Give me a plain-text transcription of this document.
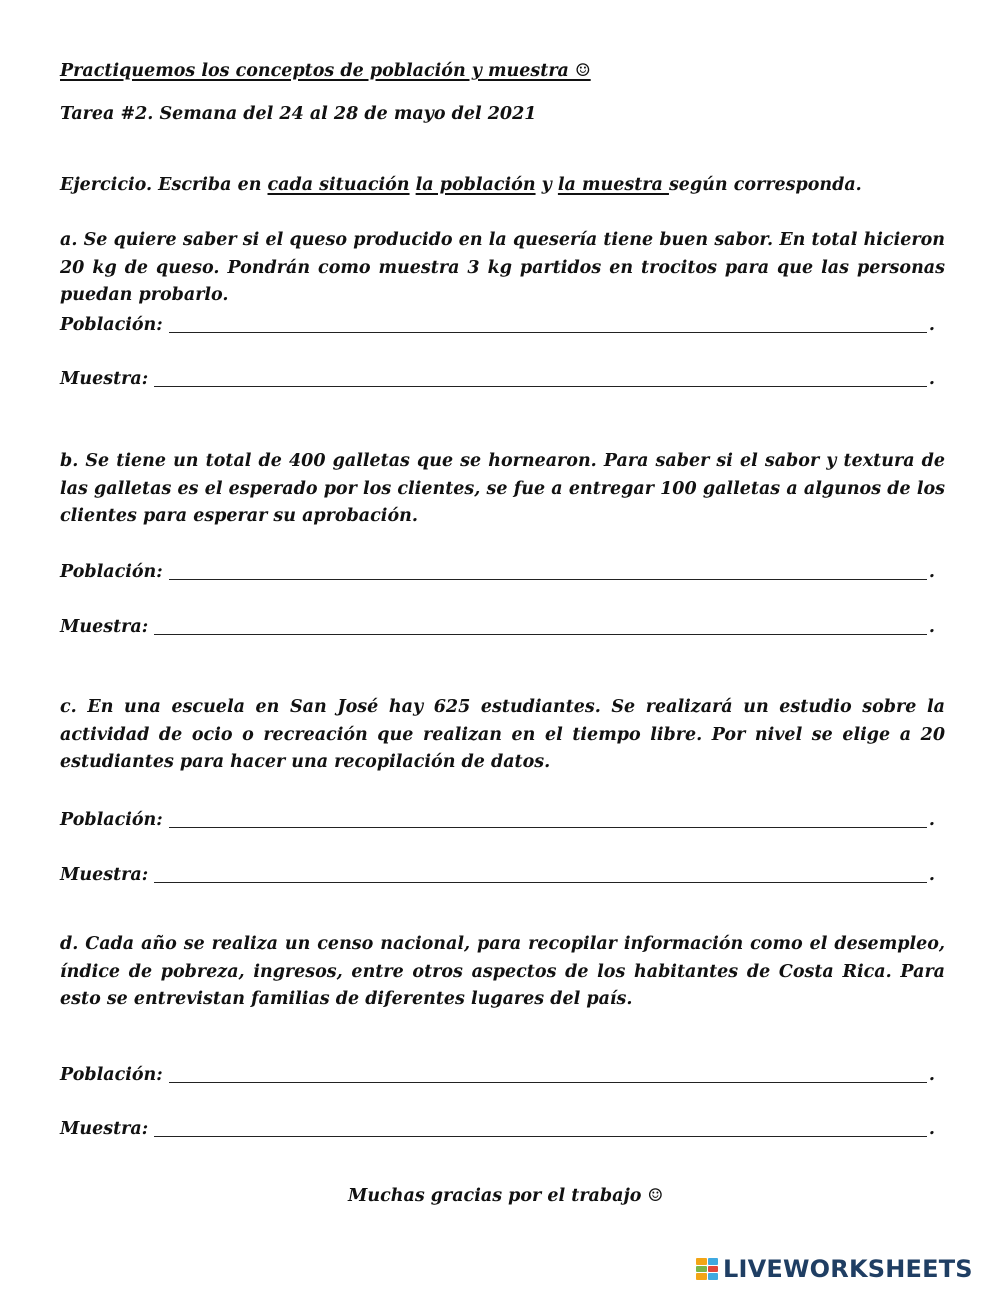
Practiquemos los conceptos de población y muestra ☺
Tarea #2. Semana del 24 al 28 de mayo del 2021
Ejercicio. Escriba en cada situación la población y la muestra según corresponda.
a. Se quiere saber si el queso producido en la quesería tiene buen sabor. En total hicieron 20 kg de queso. Pondrán como muestra 3 kg partidos en trocitos para que las personas puedan probarlo.
Población:	.
Muestra:	.
b. Se tiene un total de 400 galletas que se hornearon. Para saber si el sabor y textura de las galletas es el esperado por los clientes, se fue a entregar 100 galletas a algunos de los clientes para esperar su aprobación.
Población:	.
Muestra:	.
c. En una escuela en San José hay 625 estudiantes. Se realizará un estudio sobre la actividad de ocio o recreación que realizan en el tiempo libre. Por nivel se elige a 20 estudiantes para hacer una recopilación de datos.
Población:	.
Muestra:	.
d. Cada año se realiza un censo nacional, para recopilar información como el desempleo, índice de pobreza, ingresos, entre otros aspectos de los habitantes de Costa Rica. Para esto se entrevistan familias de diferentes lugares del país.
Población:	.
Muestra:	.
Muchas gracias por el trabajo ☺
LIVEWORKSHEETS
